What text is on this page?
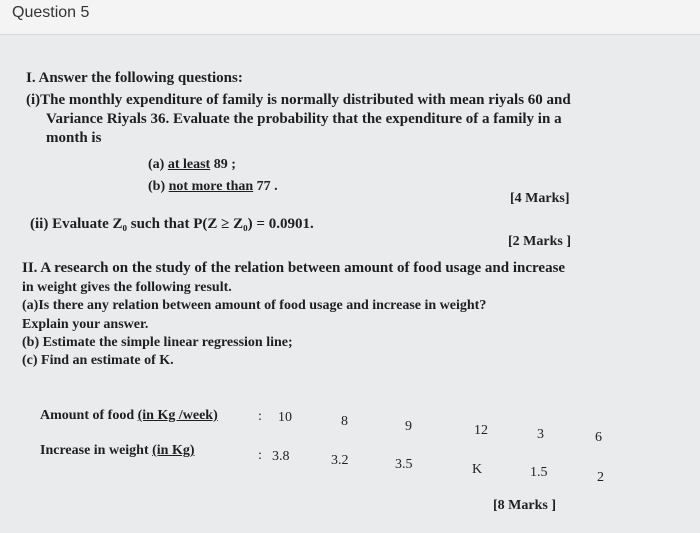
Question 5
I. Answer the following questions:
(i)The monthly expenditure of family is normally distributed with mean riyals 60 and
Variance Riyals 36. Evaluate the probability that the expenditure of a family in a
month is
(a) at least 89 ;
(b) not more than 77 .
[4 Marks]
(ii) Evaluate Z₀ such that P(Z ≥ Z₀) = 0.0901.
[2 Marks ]
II. A research on the study of the relation between amount of food usage and increase
in weight gives the following result.
(a)Is there any relation between amount of food usage and increase in weight?
Explain your answer.
(b) Estimate the simple linear regression line;
(c) Find an estimate of K.
Amount of food (in Kg /week)	: 10	8	9	12	3	6
Increase in weight (in Kg)	: 3.8	3.2	3.5	K	1.5	2
[8 Marks ]
